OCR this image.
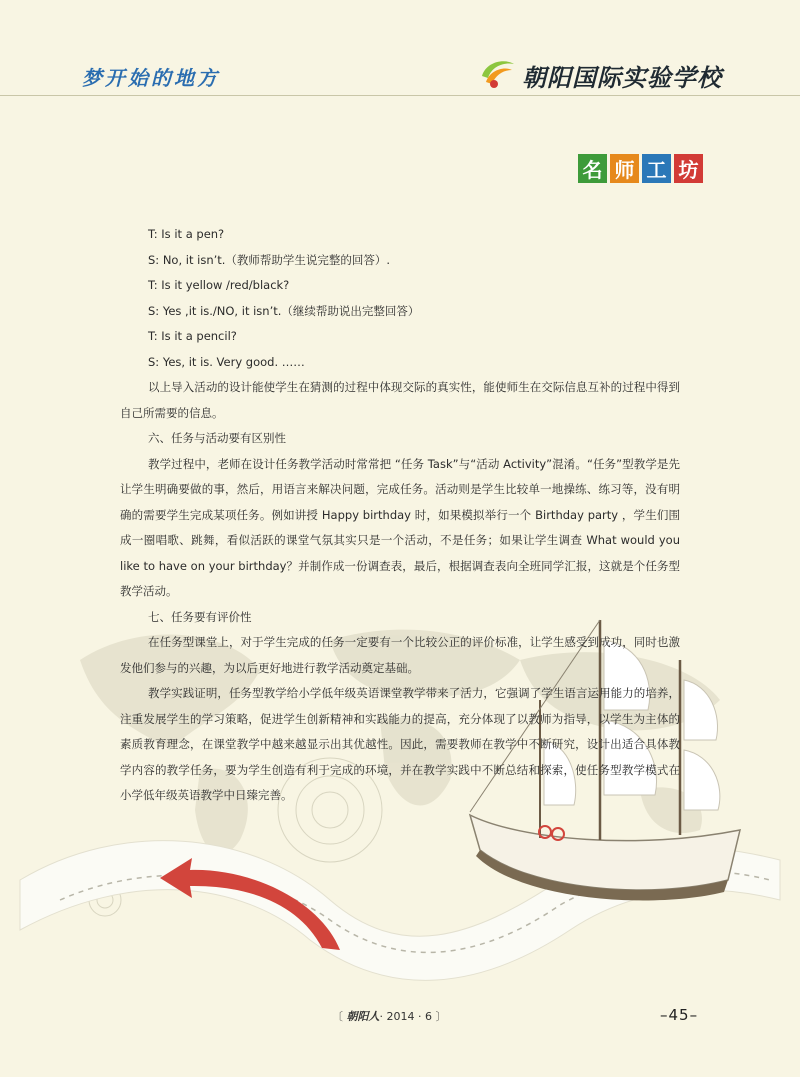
梦开始的地方	朝阳国际实验学校
名 师 工 坊

T: Is it a pen?

S: No, it isn’t.（教师帮助学生说完整的回答）.

T: Is it yellow /red/black?

S: Yes ,it is./NO, it isn’t.（继续帮助说出完整回答）

T: Is it a pencil?

S: Yes, it is. Very good. ……

以上导入活动的设计能使学生在猜测的过程中体现交际的真实性，能使师生在交际信息互补的过程中得到自己所需要的信息。

六、任务与活动要有区别性

教学过程中，老师在设计任务教学活动时常常把 “任务 Task”与“活动 Activity”混淆。“任务”型教学是先让学生明确要做的事，然后，用语言来解决问题，完成任务。活动则是学生比较单一地操练、练习等，没有明确的需要学生完成某项任务。例如讲授 Happy birthday 时，如果模拟举行一个 Birthday party ，学生们围成一圈唱歌、跳舞，看似活跃的课堂气氛其实只是一个活动，不是任务；如果让学生调查 What would you like to have on your birthday？并制作成一份调查表，最后，根据调查表向全班同学汇报，这就是个任务型教学活动。

七、任务要有评价性

在任务型课堂上，对于学生完成的任务一定要有一个比较公正的评价标准，让学生感受到成功，同时也激发他们参与的兴趣，为以后更好地进行教学活动奠定基础。

教学实践证明，任务型教学给小学低年级英语课堂教学带来了活力，它强调了学生语言运用能力的培养，注重发展学生的学习策略，促进学生创新精神和实践能力的提高，充分体现了以教师为指导，以学生为主体的素质教育理念，在课堂教学中越来越显示出其优越性。因此，需要教师在教学中不断研究，设计出适合具体教学内容的教学任务，要为学生创造有利于完成的环境，并在教学实践中不断总结和探索，使任务型教学模式在小学低年级英语教学中日臻完善。

〔 朝阳人· 2014 · 6 〕	–45–
